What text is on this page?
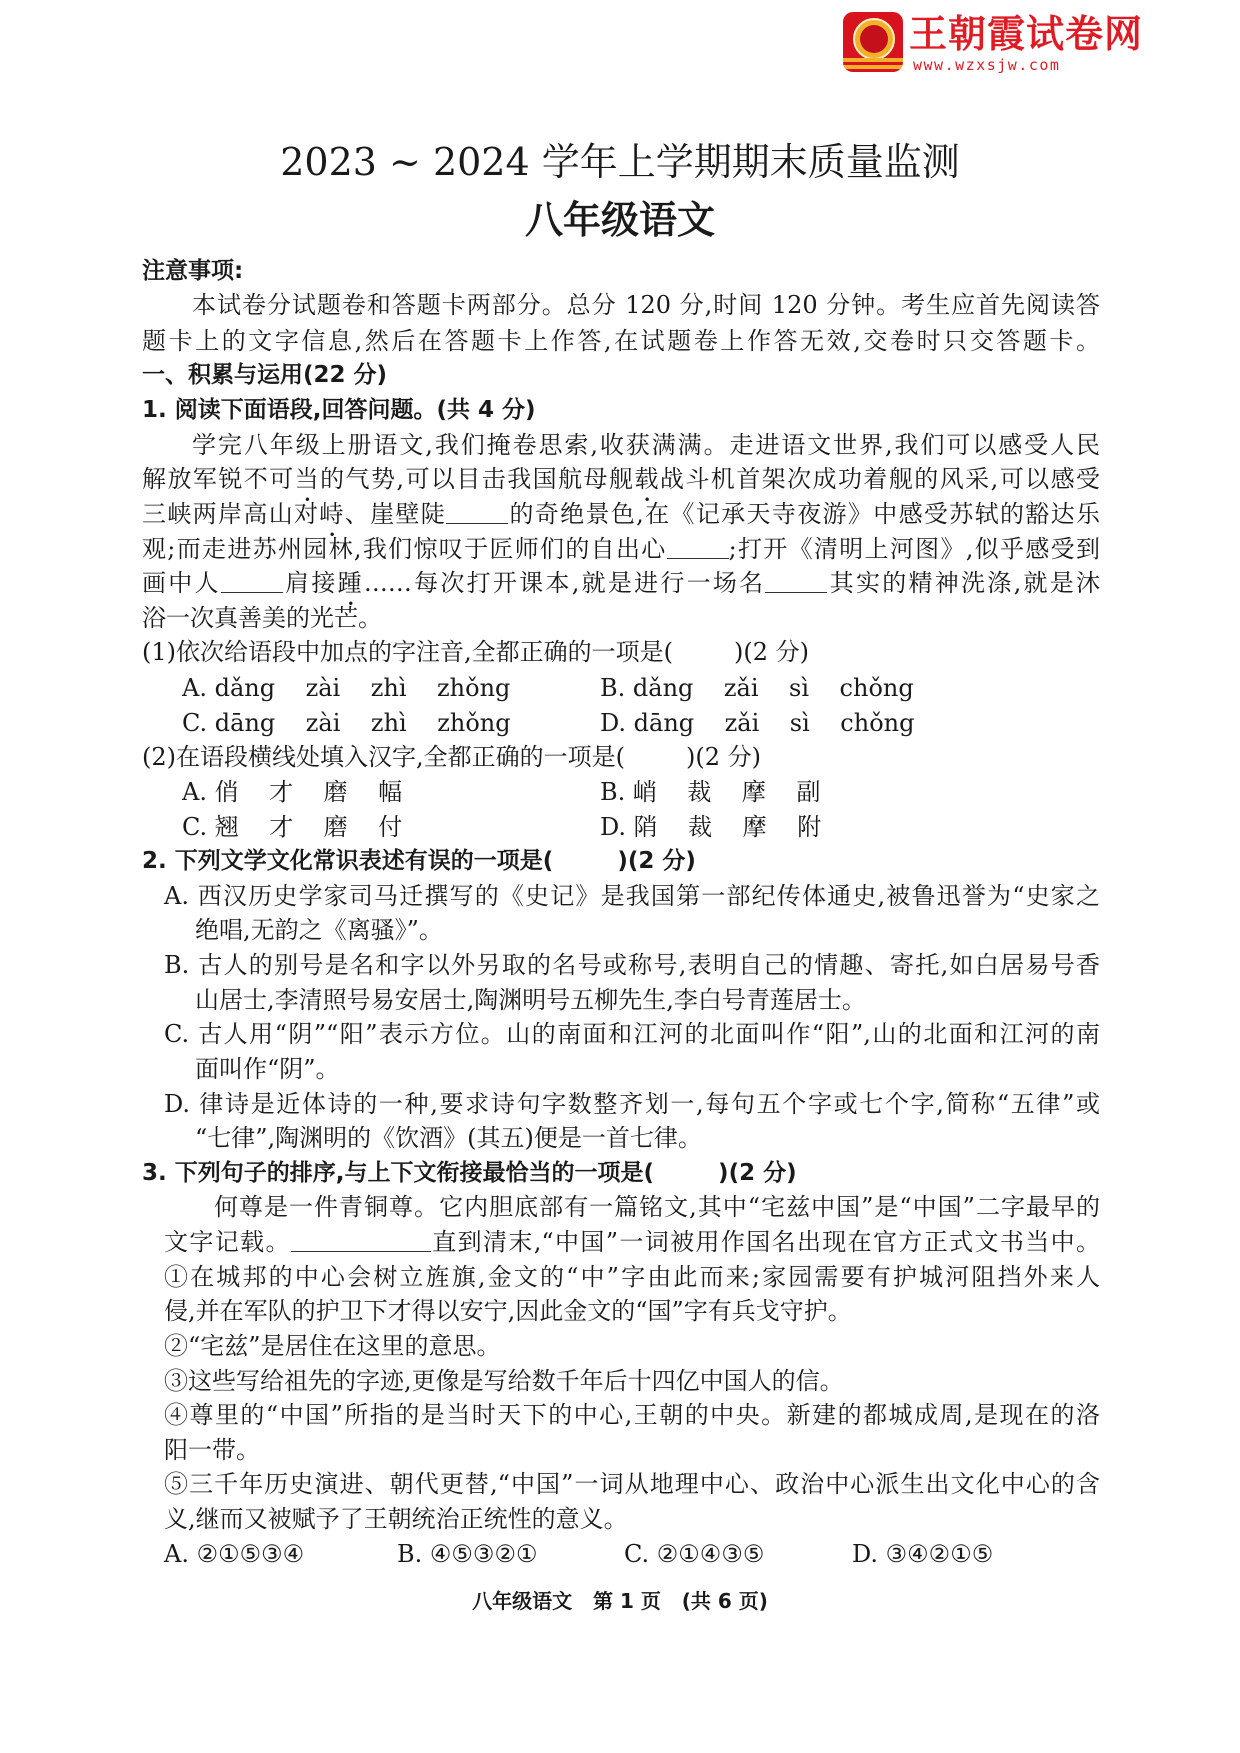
王朝霞试卷网
www.wzxsjw.com
2023 ~ 2024 学年上学期期末质量监测
八年级语文
注意事项:
本试卷分试题卷和答题卡两部分。总分 120 分,时间 120 分钟。考生应首先阅读答
题卡上的文字信息,然后在答题卡上作答,在试题卷上作答无效,交卷时只交答题卡。
一、积累与运用(22 分)
1. 阅读下面语段,回答问题。(共 4 分)
学完八年级上册语文,我们掩卷思索,收获满满。走进语文世界,我们可以感受人民
解放军锐不可当的气势,可以目击我国航母舰载战斗机首架次成功着舰的风采,可以感受
三峡两岸高山对峙、崖壁陡	的奇绝景色,在《记承天寺夜游》中感受苏轼的豁达乐
观;而走进苏州园林,我们惊叹于匠师们的自出心	;打开《清明上河图》,似乎感受到
画中人	肩接踵……每次打开课本,就是进行一场名	其实的精神洗涤,就是沐
浴一次真善美的光芒。
(1)依次给语段中加点的字注音,全都正确的一项是(        )(2 分)
A. dǎng    zài    zhì    zhǒng	B. dǎng    zǎi    sì    chǒng
C. dāng    zài    zhì    zhǒng	D. dāng    zǎi    sì    chǒng
(2)在语段横线处填入汉字,全都正确的一项是(        )(2 分)
A. 俏    才    磨    幅	B. 峭    裁    摩    副
C. 翘    才    磨    付	D. 陗    裁    摩    附
2. 下列文学文化常识表述有误的一项是(        )(2 分)
A. 西汉历史学家司马迁撰写的《史记》是我国第一部纪传体通史,被鲁迅誉为“史家之
绝唱,无韵之《离骚》”。
B. 古人的别号是名和字以外另取的名号或称号,表明自己的情趣、寄托,如白居易号香
山居士,李清照号易安居士,陶渊明号五柳先生,李白号青莲居士。
C. 古人用“阴”“阳”表示方位。山的南面和江河的北面叫作“阳”,山的北面和江河的南
面叫作“阴”。
D. 律诗是近体诗的一种,要求诗句字数整齐划一,每句五个字或七个字,简称“五律”或
“七律”,陶渊明的《饮酒》(其五)便是一首七律。
3. 下列句子的排序,与上下文衔接最恰当的一项是(        )(2 分)
何尊是一件青铜尊。它内胆底部有一篇铭文,其中“宅兹中国”是“中国”二字最早的
文字记载。	直到清末,“中国”一词被用作国名出现在官方正式文书当中。
①在城邦的中心会树立旌旗,金文的“中”字由此而来;家园需要有护城河阻挡外来人
侵,并在军队的护卫下才得以安宁,因此金文的“国”字有兵戈守护。
②“宅兹”是居住在这里的意思。
③这些写给祖先的字迹,更像是写给数千年后十四亿中国人的信。
④尊里的“中国”所指的是当时天下的中心,王朝的中央。新建的都城成周,是现在的洛
阳一带。
⑤三千年历史演进、朝代更替,“中国”一词从地理中心、政治中心派生出文化中心的含
义,继而又被赋予了王朝统治正统性的意义。
A. ②①⑤③④	B. ④⑤③②①	C. ②①④③⑤	D. ③④②①⑤
八年级语文   第 1 页   (共 6 页)
